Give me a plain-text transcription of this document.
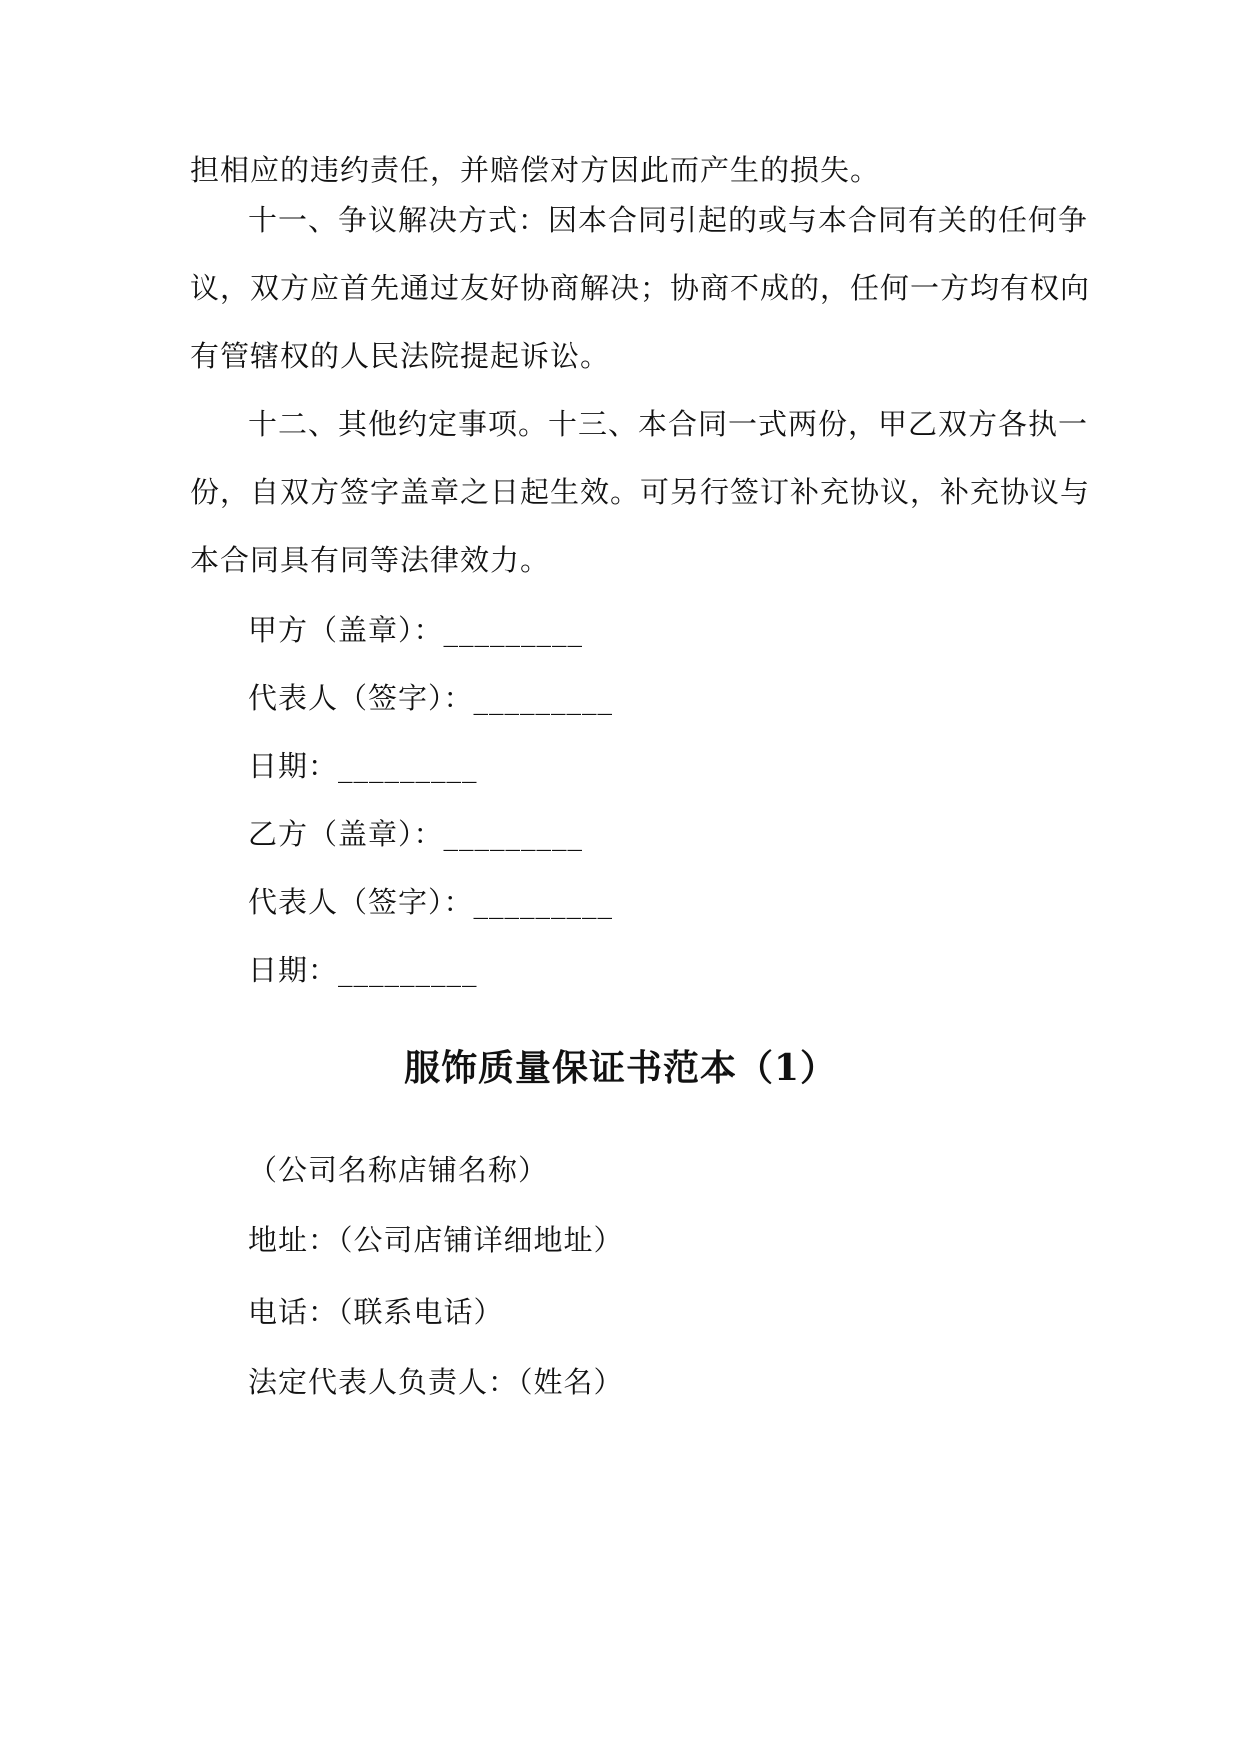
担相应的违约责任，并赔偿对方因此而产生的损失。
十一、争议解决方式：因本合同引起的或与本合同有关的任何争
议，双方应首先通过友好协商解决；协商不成的，任何一方均有权向
有管辖权的人民法院提起诉讼。
十二、其他约定事项。十三、本合同一式两份，甲乙双方各执一
份，自双方签字盖章之日起生效。可另行签订补充协议，补充协议与
本合同具有同等法律效力。
甲方（盖章）：_________
代表人（签字）：_________
日期：_________
乙方（盖章）：_________
代表人（签字）：_________
日期：_________
服饰质量保证书范本（1）
（公司名称店铺名称）
地址：（公司店铺详细地址）
电话：（联系电话）
法定代表人负责人：（姓名）
